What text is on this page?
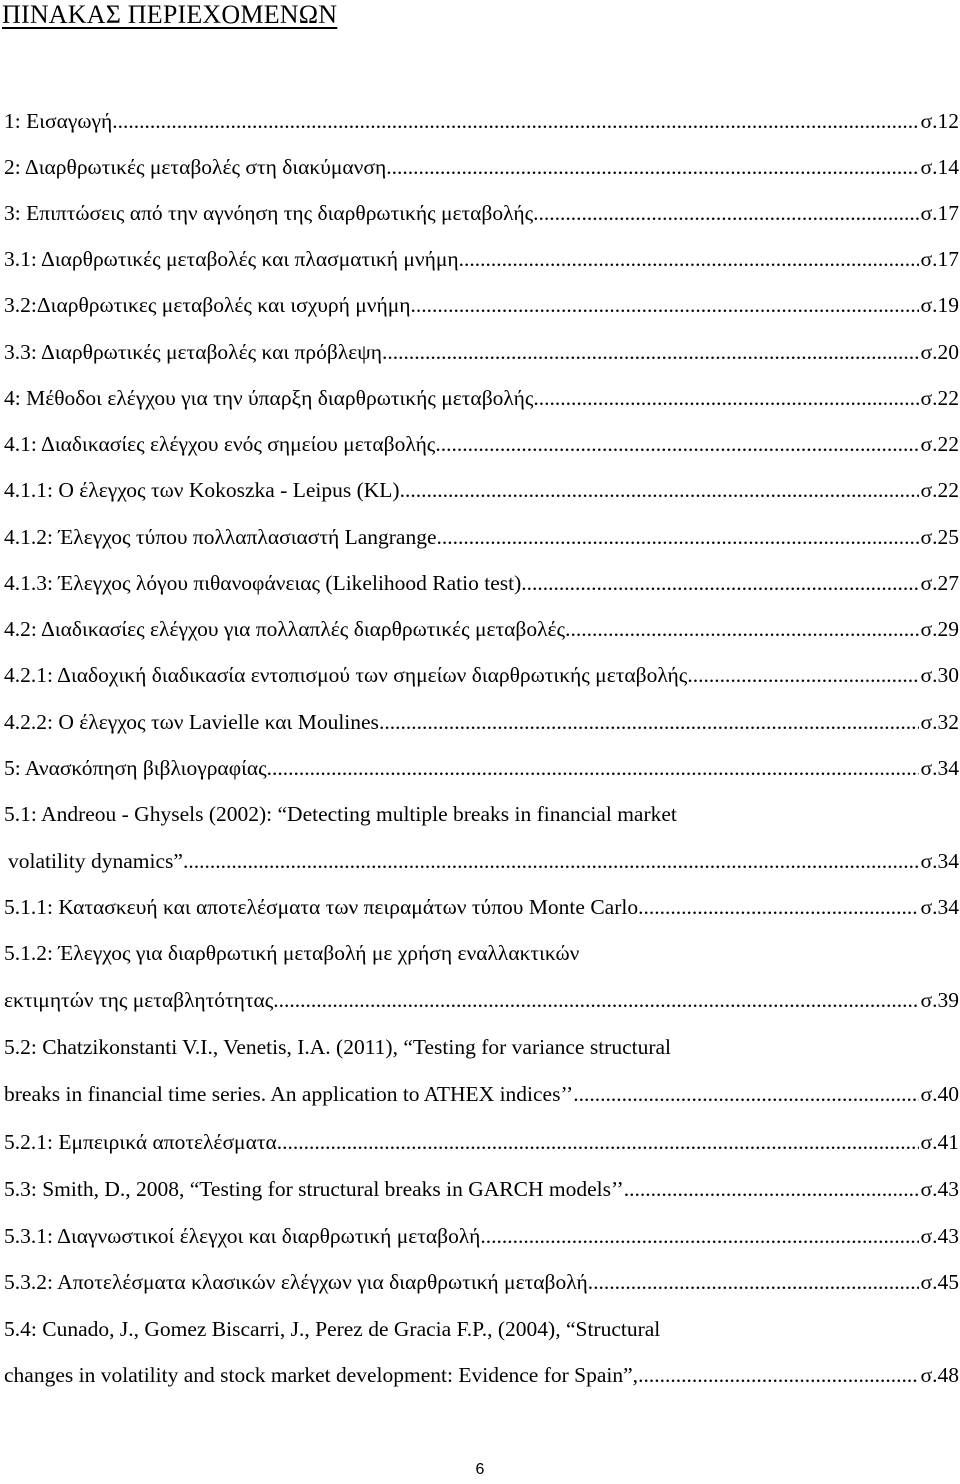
ΠΙΝΑΚΑΣ ΠΕΡΙΕΧΟΜΕΝΩΝ
1: Εισαγωγή .....	σ.12
2: Διαρθρωτικές μεταβολές στη διακύμανση .....	σ.14
3: Επιπτώσεις από την αγνόηση της διαρθρωτικής μεταβολής .....	σ.17
3.1: Διαρθρωτικές μεταβολές και πλασματική μνήμη .....	σ.17
3.2:Διαρθρωτικες μεταβολές και ισχυρή μνήμη .....	σ.19
3.3: Διαρθρωτικές μεταβολές και πρόβλεψη .....	σ.20
4: Μέθοδοι ελέγχου για την ύπαρξη διαρθρωτικής μεταβολής .....	σ.22
4.1: Διαδικασίες ελέγχου ενός σημείου μεταβολής .....	σ.22
4.1.1: Ο έλεγχος των Kokoszka - Leipus (KL) .....	σ.22
4.1.2: Έλεγχος τύπου πολλαπλασιαστή Langrange. .....	σ.25
4.1.3: Έλεγχος λόγου πιθανοφάνειας (Likelihood Ratio test) .....	σ.27
4.2: Διαδικασίες ελέγχου για πολλαπλές διαρθρωτικές μεταβολές. .....	σ.29
4.2.1: Διαδοχική διαδικασία εντοπισμού των σημείων διαρθρωτικής μεταβολής .....	σ.30
4.2.2: Ο έλεγχος των Lavielle και Moulines .....	σ.32
5: Ανασκόπηση βιβλιογραφίας .....	σ.34
5.1: Andreou - Ghysels (2002): “Detecting multiple breaks in financial market
volatility dynamics” .....	σ.34
5.1.1: Κατασκευή και αποτελέσματα των πειραμάτων τύπου Monte Carlo .....	σ.34
5.1.2: Έλεγχος για διαρθρωτική μεταβολή με χρήση εναλλακτικών
εκτιμητών της μεταβλητότητας. .....	σ.39
5.2: Chatzikonstanti V.I., Venetis, I.A. (2011), “Testing for variance structural
breaks in financial time series. An application to ATHEX indices’’ .....	σ.40
5.2.1: Εμπειρικά αποτελέσματα .....	σ.41
5.3: Smith, D., 2008, “Testing for structural breaks in GARCH models’’ .....	σ.43
5.3.1: Διαγνωστικοί έλεγχοι και διαρθρωτική μεταβολή .....	σ.43
5.3.2: Αποτελέσματα κλασικών ελέγχων για διαρθρωτική μεταβολή .....	σ.45
5.4: Cunado, J., Gomez Biscarri, J., Perez de Gracia F.P., (2004), “Structural
changes in volatility and stock market development: Evidence for Spain”, .....	σ.48
6
